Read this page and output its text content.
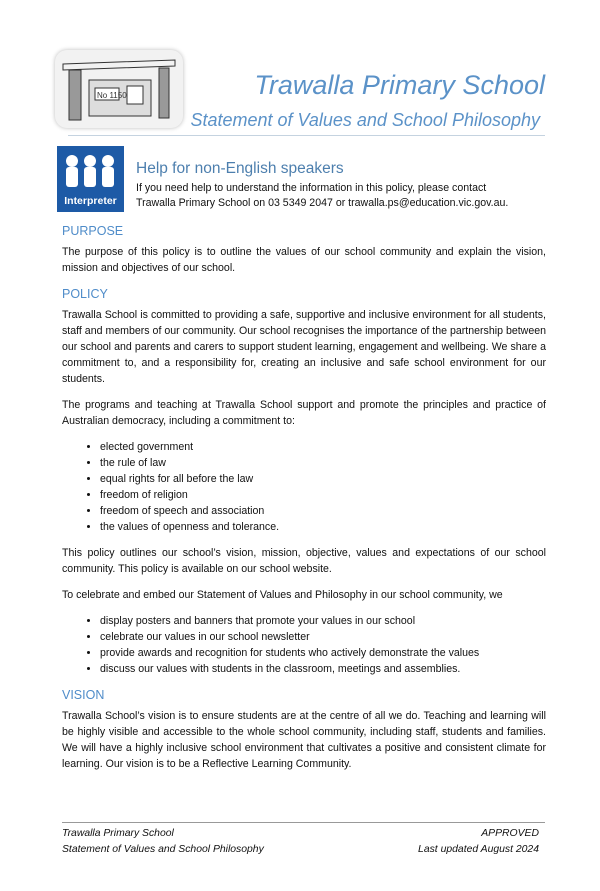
No 1150	Trawalla Primary School
Statement of Values and School Philosophy
Interpreter
Help for non-English speakers
If you need help to understand the information in this policy, please contact
Trawalla Primary School on 03 5349 2047 or trawalla.ps@education.vic.gov.au.
PURPOSE

The purpose of this policy is to outline the values of our school community and explain the vision, mission and objectives of our school.

POLICY

Trawalla School is committed to providing a safe, supportive and inclusive environment for all students, staff and members of our community. Our school recognises the importance of the partnership between our school and parents and carers to support student learning, engagement and wellbeing. We share a commitment to, and a responsibility for, creating an inclusive and safe school environment for our students.

The programs and teaching at Trawalla School support and promote the principles and practice of Australian democracy, including a commitment to:

• elected government
• the rule of law
• equal rights for all before the law
• freedom of religion
• freedom of speech and association
• the values of openness and tolerance.

This policy outlines our school’s vision, mission, objective, values and expectations of our school community. This policy is available on our school website.

To celebrate and embed our Statement of Values and Philosophy in our school community, we

• display posters and banners that promote your values in our school
• celebrate our values in our school newsletter
• provide awards and recognition for students who actively demonstrate the values
• discuss our values with students in the classroom, meetings and assemblies.
VISION

Trawalla School’s vision is to ensure students are at the centre of all we do. Teaching and learning will be highly visible and accessible to the whole school community, including staff, students and families. We will have a highly inclusive school environment that cultivates a positive and consistent climate for learning. Our vision is to be a Reflective Learning Community.

Trawalla Primary School
Statement of Values and School Philosophy
APPROVED
Last updated August 2024
